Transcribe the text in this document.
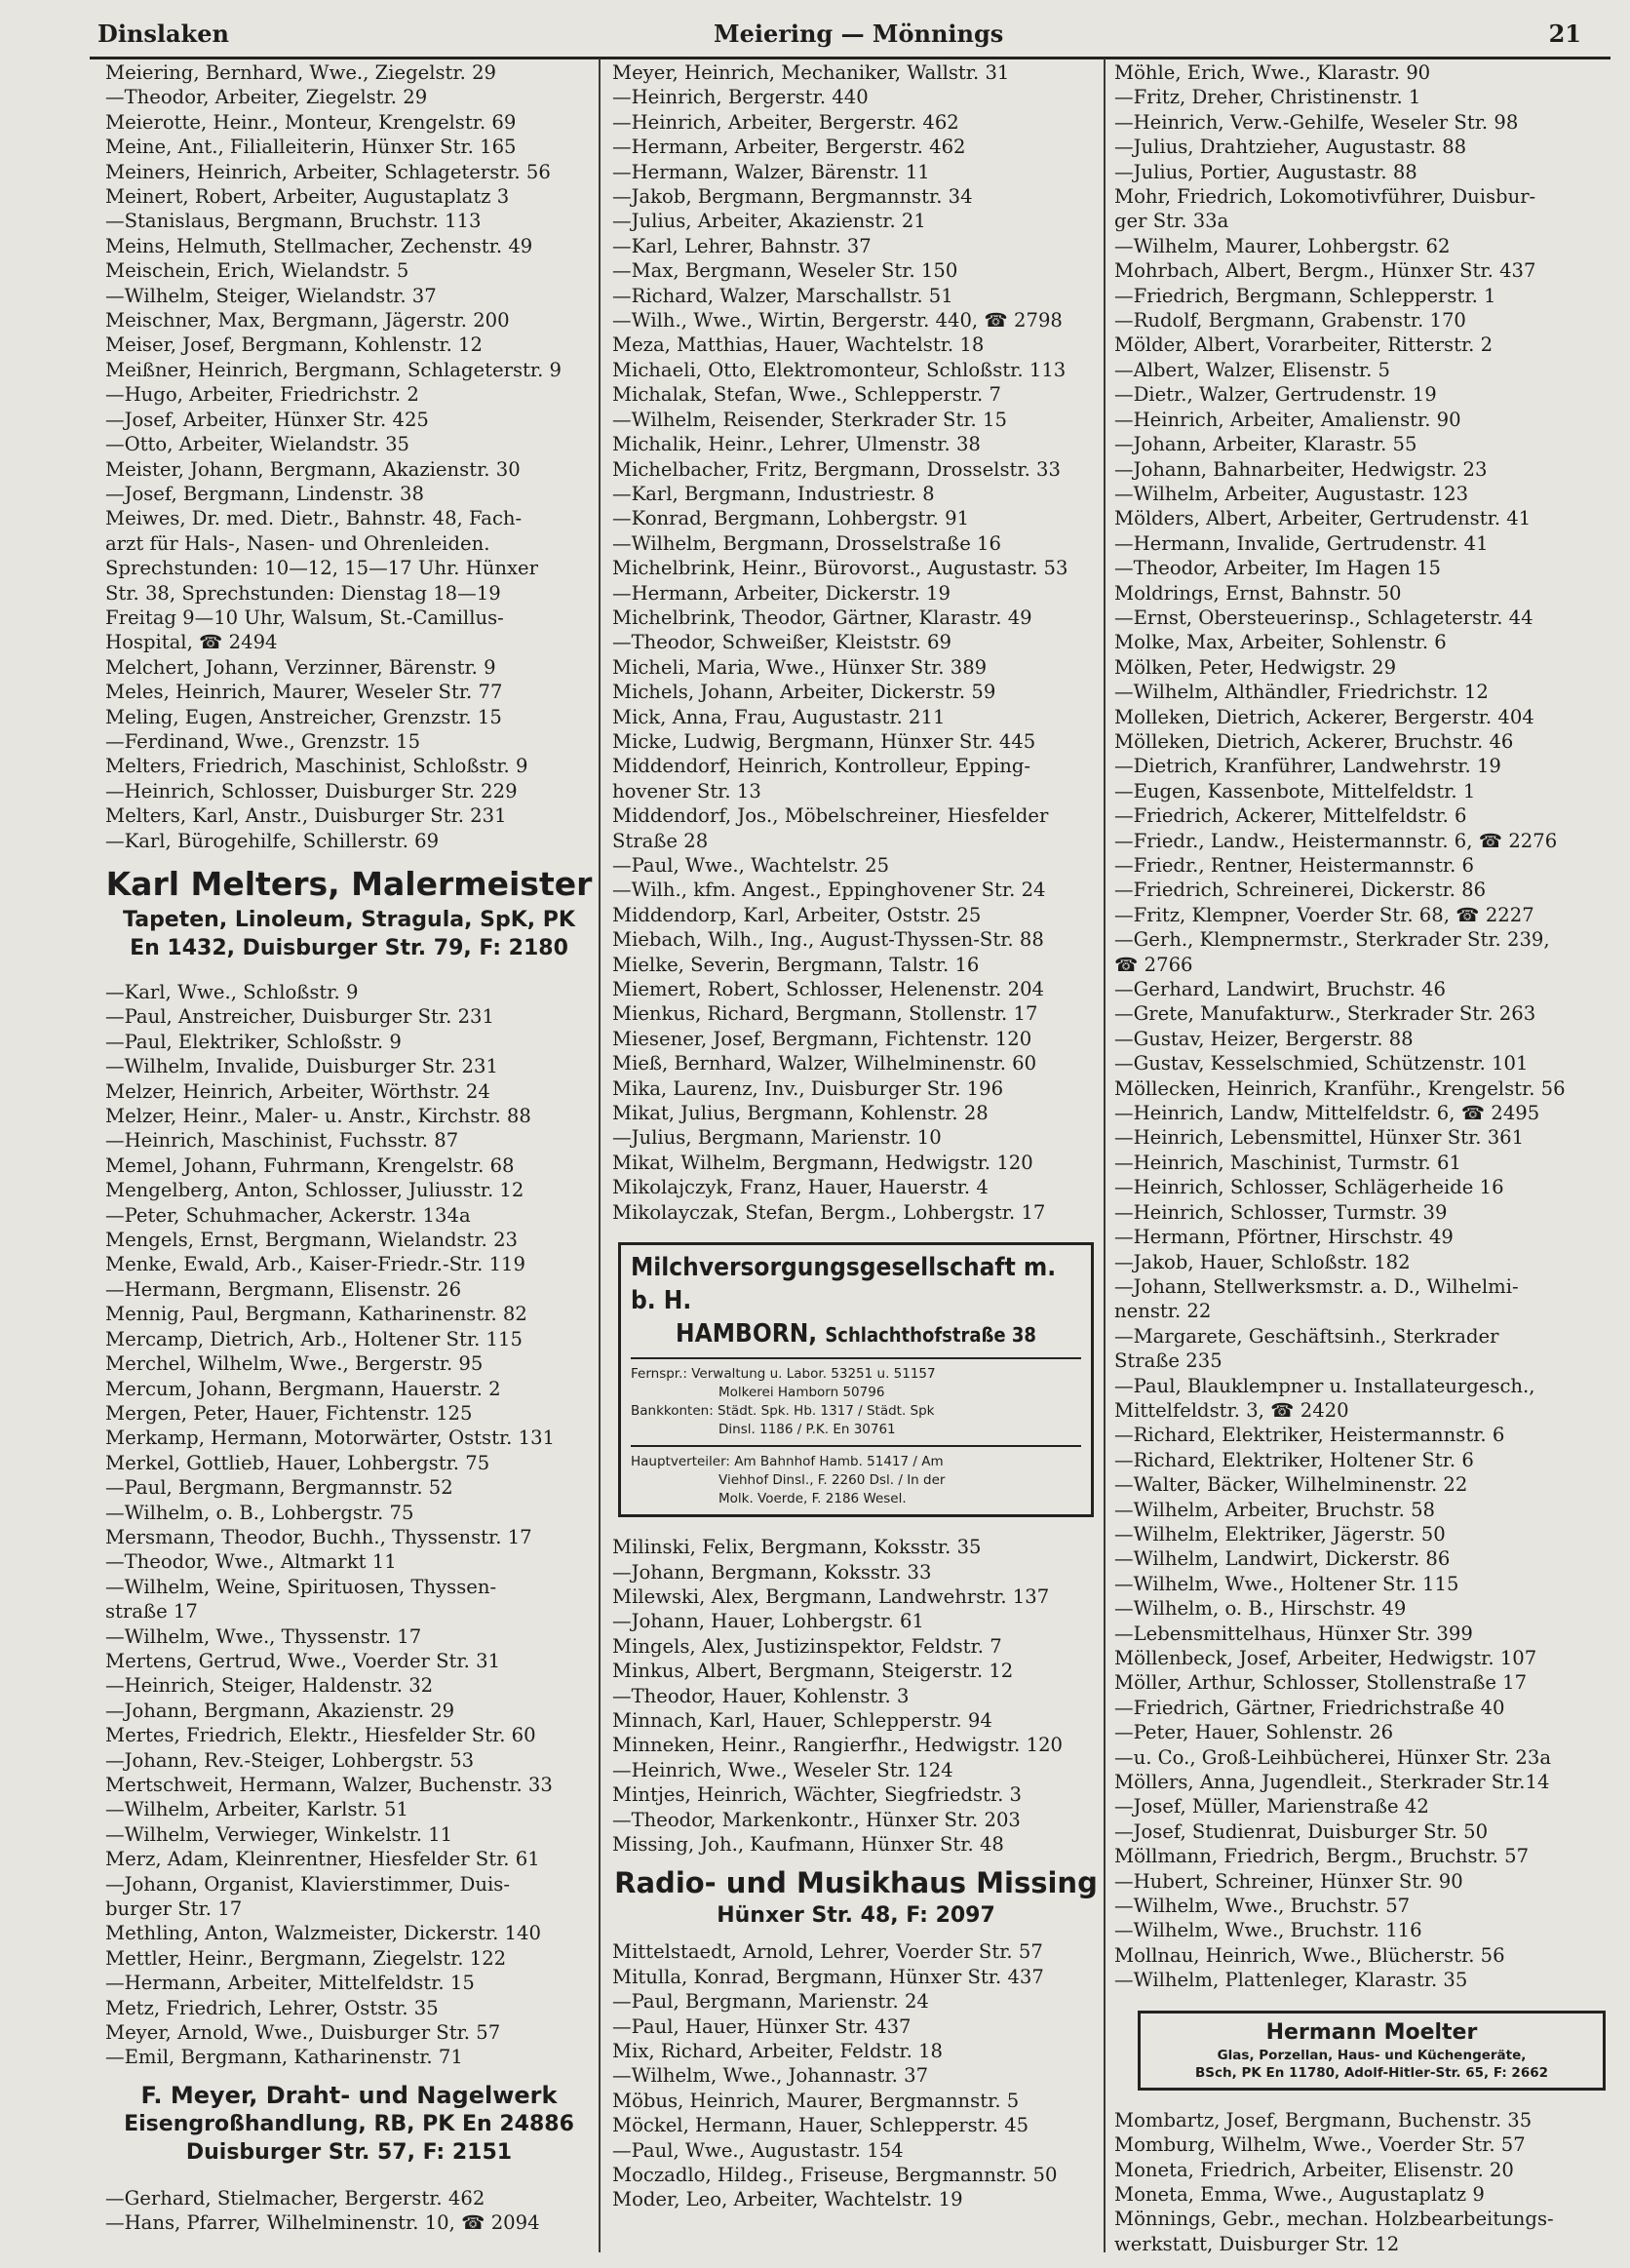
Dinslaken	Meiering — Mönnings	21
Meiering, Bernhard, Wwe., Ziegelstr. 29
—Theodor, Arbeiter, Ziegelstr. 29
Meierotte, Heinr., Monteur, Krengelstr. 69
Meine, Ant., Filialleiterin, Hünxer Str. 165
Meiners, Heinrich, Arbeiter, Schlageterstr. 56
Meinert, Robert, Arbeiter, Augustaplatz 3
—Stanislaus, Bergmann, Bruchstr. 113
Meins, Helmuth, Stellmacher, Zechenstr. 49
Meischein, Erich, Wielandstr. 5
—Wilhelm, Steiger, Wielandstr. 37
Meischner, Max, Bergmann, Jägerstr. 200
Meiser, Josef, Bergmann, Kohlenstr. 12
Meißner, Heinrich, Bergmann, Schlageterstr. 9
—Hugo, Arbeiter, Friedrichstr. 2
—Josef, Arbeiter, Hünxer Str. 425
—Otto, Arbeiter, Wielandstr. 35
Meister, Johann, Bergmann, Akazienstr. 30
—Josef, Bergmann, Lindenstr. 38
Meiwes, Dr. med. Dietr., Bahnstr. 48, Fach-
arzt für Hals-, Nasen- und Ohrenleiden.
Sprechstunden: 10—12, 15—17 Uhr. Hünxer
Str. 38, Sprechstunden: Dienstag 18—19
Freitag 9—10 Uhr, Walsum, St.-Camillus-
Hospital, ☎ 2494
Melchert, Johann, Verzinner, Bärenstr. 9
Meles, Heinrich, Maurer, Weseler Str. 77
Meling, Eugen, Anstreicher, Grenzstr. 15
—Ferdinand, Wwe., Grenzstr. 15
Melters, Friedrich, Maschinist, Schloßstr. 9
—Heinrich, Schlosser, Duisburger Str. 229
Melters, Karl, Anstr., Duisburger Str. 231
—Karl, Bürogehilfe, Schillerstr. 69
Karl Melters, Malermeister
Tapeten, Linoleum, Stragula, SpK, PK
En 1432, Duisburger Str. 79, F: 2180
—Karl, Wwe., Schloßstr. 9
—Paul, Anstreicher, Duisburger Str. 231
—Paul, Elektriker, Schloßstr. 9
—Wilhelm, Invalide, Duisburger Str. 231
Melzer, Heinrich, Arbeiter, Wörthstr. 24
Melzer, Heinr., Maler- u. Anstr., Kirchstr. 88
—Heinrich, Maschinist, Fuchsstr. 87
Memel, Johann, Fuhrmann, Krengelstr. 68
Mengelberg, Anton, Schlosser, Juliusstr. 12
—Peter, Schuhmacher, Ackerstr. 134a
Mengels, Ernst, Bergmann, Wielandstr. 23
Menke, Ewald, Arb., Kaiser-Friedr.-Str. 119
—Hermann, Bergmann, Elisenstr. 26
Mennig, Paul, Bergmann, Katharinenstr. 82
Mercamp, Dietrich, Arb., Holtener Str. 115
Merchel, Wilhelm, Wwe., Bergerstr. 95
Mercum, Johann, Bergmann, Hauerstr. 2
Mergen, Peter, Hauer, Fichtenstr. 125
Merkamp, Hermann, Motorwärter, Oststr. 131
Merkel, Gottlieb, Hauer, Lohbergstr. 75
—Paul, Bergmann, Bergmannstr. 52
—Wilhelm, o. B., Lohbergstr. 75
Mersmann, Theodor, Buchh., Thyssenstr. 17
—Theodor, Wwe., Altmarkt 11
—Wilhelm, Weine, Spirituosen, Thyssen-
straße 17
—Wilhelm, Wwe., Thyssenstr. 17
Mertens, Gertrud, Wwe., Voerder Str. 31
—Heinrich, Steiger, Haldenstr. 32
—Johann, Bergmann, Akazienstr. 29
Mertes, Friedrich, Elektr., Hiesfelder Str. 60
—Johann, Rev.-Steiger, Lohbergstr. 53
Mertschweit, Hermann, Walzer, Buchenstr. 33
—Wilhelm, Arbeiter, Karlstr. 51
—Wilhelm, Verwieger, Winkelstr. 11
Merz, Adam, Kleinrentner, Hiesfelder Str. 61
—Johann, Organist, Klavierstimmer, Duis-
burger Str. 17
Methling, Anton, Walzmeister, Dickerstr. 140
Mettler, Heinr., Bergmann, Ziegelstr. 122
—Hermann, Arbeiter, Mittelfeldstr. 15
Metz, Friedrich, Lehrer, Oststr. 35
Meyer, Arnold, Wwe., Duisburger Str. 57
—Emil, Bergmann, Katharinenstr. 71
F. Meyer, Draht- und Nagelwerk
Eisengroßhandlung, RB, PK En 24886
Duisburger Str. 57, F: 2151
—Gerhard, Stielmacher, Bergerstr. 462
—Hans, Pfarrer, Wilhelminenstr. 10, ☎ 2094
Meyer, Heinrich, Mechaniker, Wallstr. 31
—Heinrich, Bergerstr. 440
—Heinrich, Arbeiter, Bergerstr. 462
—Hermann, Arbeiter, Bergerstr. 462
—Hermann, Walzer, Bärenstr. 11
—Jakob, Bergmann, Bergmannstr. 34
—Julius, Arbeiter, Akazienstr. 21
—Karl, Lehrer, Bahnstr. 37
—Max, Bergmann, Weseler Str. 150
—Richard, Walzer, Marschallstr. 51
—Wilh., Wwe., Wirtin, Bergerstr. 440, ☎ 2798
Meza, Matthias, Hauer, Wachtelstr. 18
Michaeli, Otto, Elektromonteur, Schloßstr. 113
Michalak, Stefan, Wwe., Schlepperstr. 7
—Wilhelm, Reisender, Sterkrader Str. 15
Michalik, Heinr., Lehrer, Ulmenstr. 38
Michelbacher, Fritz, Bergmann, Drosselstr. 33
—Karl, Bergmann, Industriestr. 8
—Konrad, Bergmann, Lohbergstr. 91
—Wilhelm, Bergmann, Drosselstraße 16
Michelbrink, Heinr., Bürovorst., Augustastr. 53
—Hermann, Arbeiter, Dickerstr. 19
Michelbrink, Theodor, Gärtner, Klarastr. 49
—Theodor, Schweißer, Kleiststr. 69
Micheli, Maria, Wwe., Hünxer Str. 389
Michels, Johann, Arbeiter, Dickerstr. 59
Mick, Anna, Frau, Augustastr. 211
Micke, Ludwig, Bergmann, Hünxer Str. 445
Middendorf, Heinrich, Kontrolleur, Epping-
hovener Str. 13
Middendorf, Jos., Möbelschreiner, Hiesfelder
Straße 28
—Paul, Wwe., Wachtelstr. 25
—Wilh., kfm. Angest., Eppinghovener Str. 24
Middendorp, Karl, Arbeiter, Oststr. 25
Miebach, Wilh., Ing., August-Thyssen-Str. 88
Mielke, Severin, Bergmann, Talstr. 16
Miemert, Robert, Schlosser, Helenenstr. 204
Mienkus, Richard, Bergmann, Stollenstr. 17
Miesener, Josef, Bergmann, Fichtenstr. 120
Mieß, Bernhard, Walzer, Wilhelminenstr. 60
Mika, Laurenz, Inv., Duisburger Str. 196
Mikat, Julius, Bergmann, Kohlenstr. 28
—Julius, Bergmann, Marienstr. 10
Mikat, Wilhelm, Bergmann, Hedwigstr. 120
Mikolajczyk, Franz, Hauer, Hauerstr. 4
Mikolayczak, Stefan, Bergm., Lohbergstr. 17
Milchversorgungsgesellschaft m. b. H.
HAMBORN, Schlachthofstraße 38
Fernspr.: Verwaltung u. Labor. 53251 u. 51157
Molkerei Hamborn 50796
Bankkonten: Städt. Spk. Hb. 1317 / Städt. Spk
Dinsl. 1186 / P.K. En 30761
Hauptverteiler: Am Bahnhof Hamb. 51417 / Am
Viehhof Dinsl., F. 2260 Dsl. / In der
Molk. Voerde, F. 2186 Wesel.
Milinski, Felix, Bergmann, Koksstr. 35
—Johann, Bergmann, Koksstr. 33
Milewski, Alex, Bergmann, Landwehrstr. 137
—Johann, Hauer, Lohbergstr. 61
Mingels, Alex, Justizinspektor, Feldstr. 7
Minkus, Albert, Bergmann, Steigerstr. 12
—Theodor, Hauer, Kohlenstr. 3
Minnach, Karl, Hauer, Schlepperstr. 94
Minneken, Heinr., Rangierfhr., Hedwigstr. 120
—Heinrich, Wwe., Weseler Str. 124
Mintjes, Heinrich, Wächter, Siegfriedstr. 3
—Theodor, Markenkontr., Hünxer Str. 203
Missing, Joh., Kaufmann, Hünxer Str. 48
Radio- und Musikhaus Missing
Hünxer Str. 48, F: 2097
Mittelstaedt, Arnold, Lehrer, Voerder Str. 57
Mitulla, Konrad, Bergmann, Hünxer Str. 437
—Paul, Bergmann, Marienstr. 24
—Paul, Hauer, Hünxer Str. 437
Mix, Richard, Arbeiter, Feldstr. 18
—Wilhelm, Wwe., Johannastr. 37
Möbus, Heinrich, Maurer, Bergmannstr. 5
Möckel, Hermann, Hauer, Schlepperstr. 45
—Paul, Wwe., Augustastr. 154
Moczadlo, Hildeg., Friseuse, Bergmannstr. 50
Moder, Leo, Arbeiter, Wachtelstr. 19
Möhle, Erich, Wwe., Klarastr. 90
—Fritz, Dreher, Christinenstr. 1
—Heinrich, Verw.-Gehilfe, Weseler Str. 98
—Julius, Drahtzieher, Augustastr. 88
—Julius, Portier, Augustastr. 88
Mohr, Friedrich, Lokomotivführer, Duisbur-
ger Str. 33a
—Wilhelm, Maurer, Lohbergstr. 62
Mohrbach, Albert, Bergm., Hünxer Str. 437
—Friedrich, Bergmann, Schlepperstr. 1
—Rudolf, Bergmann, Grabenstr. 170
Mölder, Albert, Vorarbeiter, Ritterstr. 2
—Albert, Walzer, Elisenstr. 5
—Dietr., Walzer, Gertrudenstr. 19
—Heinrich, Arbeiter, Amalienstr. 90
—Johann, Arbeiter, Klarastr. 55
—Johann, Bahnarbeiter, Hedwigstr. 23
—Wilhelm, Arbeiter, Augustastr. 123
Mölders, Albert, Arbeiter, Gertrudenstr. 41
—Hermann, Invalide, Gertrudenstr. 41
—Theodor, Arbeiter, Im Hagen 15
Moldrings, Ernst, Bahnstr. 50
—Ernst, Obersteuerinsp., Schlageterstr. 44
Molke, Max, Arbeiter, Sohlenstr. 6
Mölken, Peter, Hedwigstr. 29
—Wilhelm, Althändler, Friedrichstr. 12
Molleken, Dietrich, Ackerer, Bergerstr. 404
Mölleken, Dietrich, Ackerer, Bruchstr. 46
—Dietrich, Kranführer, Landwehrstr. 19
—Eugen, Kassenbote, Mittelfeldstr. 1
—Friedrich, Ackerer, Mittelfeldstr. 6
—Friedr., Landw., Heistermannstr. 6, ☎ 2276
—Friedr., Rentner, Heistermannstr. 6
—Friedrich, Schreinerei, Dickerstr. 86
—Fritz, Klempner, Voerder Str. 68, ☎ 2227
—Gerh., Klempnermstr., Sterkrader Str. 239,
☎ 2766
—Gerhard, Landwirt, Bruchstr. 46
—Grete, Manufakturw., Sterkrader Str. 263
—Gustav, Heizer, Bergerstr. 88
—Gustav, Kesselschmied, Schützenstr. 101
Möllecken, Heinrich, Kranführ., Krengelstr. 56
—Heinrich, Landw, Mittelfeldstr. 6, ☎ 2495
—Heinrich, Lebensmittel, Hünxer Str. 361
—Heinrich, Maschinist, Turmstr. 61
—Heinrich, Schlosser, Schlägerheide 16
—Heinrich, Schlosser, Turmstr. 39
—Hermann, Pförtner, Hirschstr. 49
—Jakob, Hauer, Schloßstr. 182
—Johann, Stellwerksmstr. a. D., Wilhelmi-
nenstr. 22
—Margarete, Geschäftsinh., Sterkrader
Straße 235
—Paul, Blauklempner u. Installateurgesch.,
Mittelfeldstr. 3, ☎ 2420
—Richard, Elektriker, Heistermannstr. 6
—Richard, Elektriker, Holtener Str. 6
—Walter, Bäcker, Wilhelminenstr. 22
—Wilhelm, Arbeiter, Bruchstr. 58
—Wilhelm, Elektriker, Jägerstr. 50
—Wilhelm, Landwirt, Dickerstr. 86
—Wilhelm, Wwe., Holtener Str. 115
—Wilhelm, o. B., Hirschstr. 49
—Lebensmittelhaus, Hünxer Str. 399
Möllenbeck, Josef, Arbeiter, Hedwigstr. 107
Möller, Arthur, Schlosser, Stollenstraße 17
—Friedrich, Gärtner, Friedrichstraße 40
—Peter, Hauer, Sohlenstr. 26
—u. Co., Groß-Leihbücherei, Hünxer Str. 23a
Möllers, Anna, Jugendleit., Sterkrader Str.14
—Josef, Müller, Marienstraße 42
—Josef, Studienrat, Duisburger Str. 50
Möllmann, Friedrich, Bergm., Bruchstr. 57
—Hubert, Schreiner, Hünxer Str. 90
—Wilhelm, Wwe., Bruchstr. 57
—Wilhelm, Wwe., Bruchstr. 116
Mollnau, Heinrich, Wwe., Blücherstr. 56
—Wilhelm, Plattenleger, Klarastr. 35
Hermann Moelter
Glas, Porzellan, Haus- und Küchengeräte,
BSch, PK En 11780, Adolf-Hitler-Str. 65, F: 2662
Mombartz, Josef, Bergmann, Buchenstr. 35
Momburg, Wilhelm, Wwe., Voerder Str. 57
Moneta, Friedrich, Arbeiter, Elisenstr. 20
Moneta, Emma, Wwe., Augustaplatz 9
Mönnings, Gebr., mechan. Holzbearbeitungs-
werkstatt, Duisburger Str. 12
